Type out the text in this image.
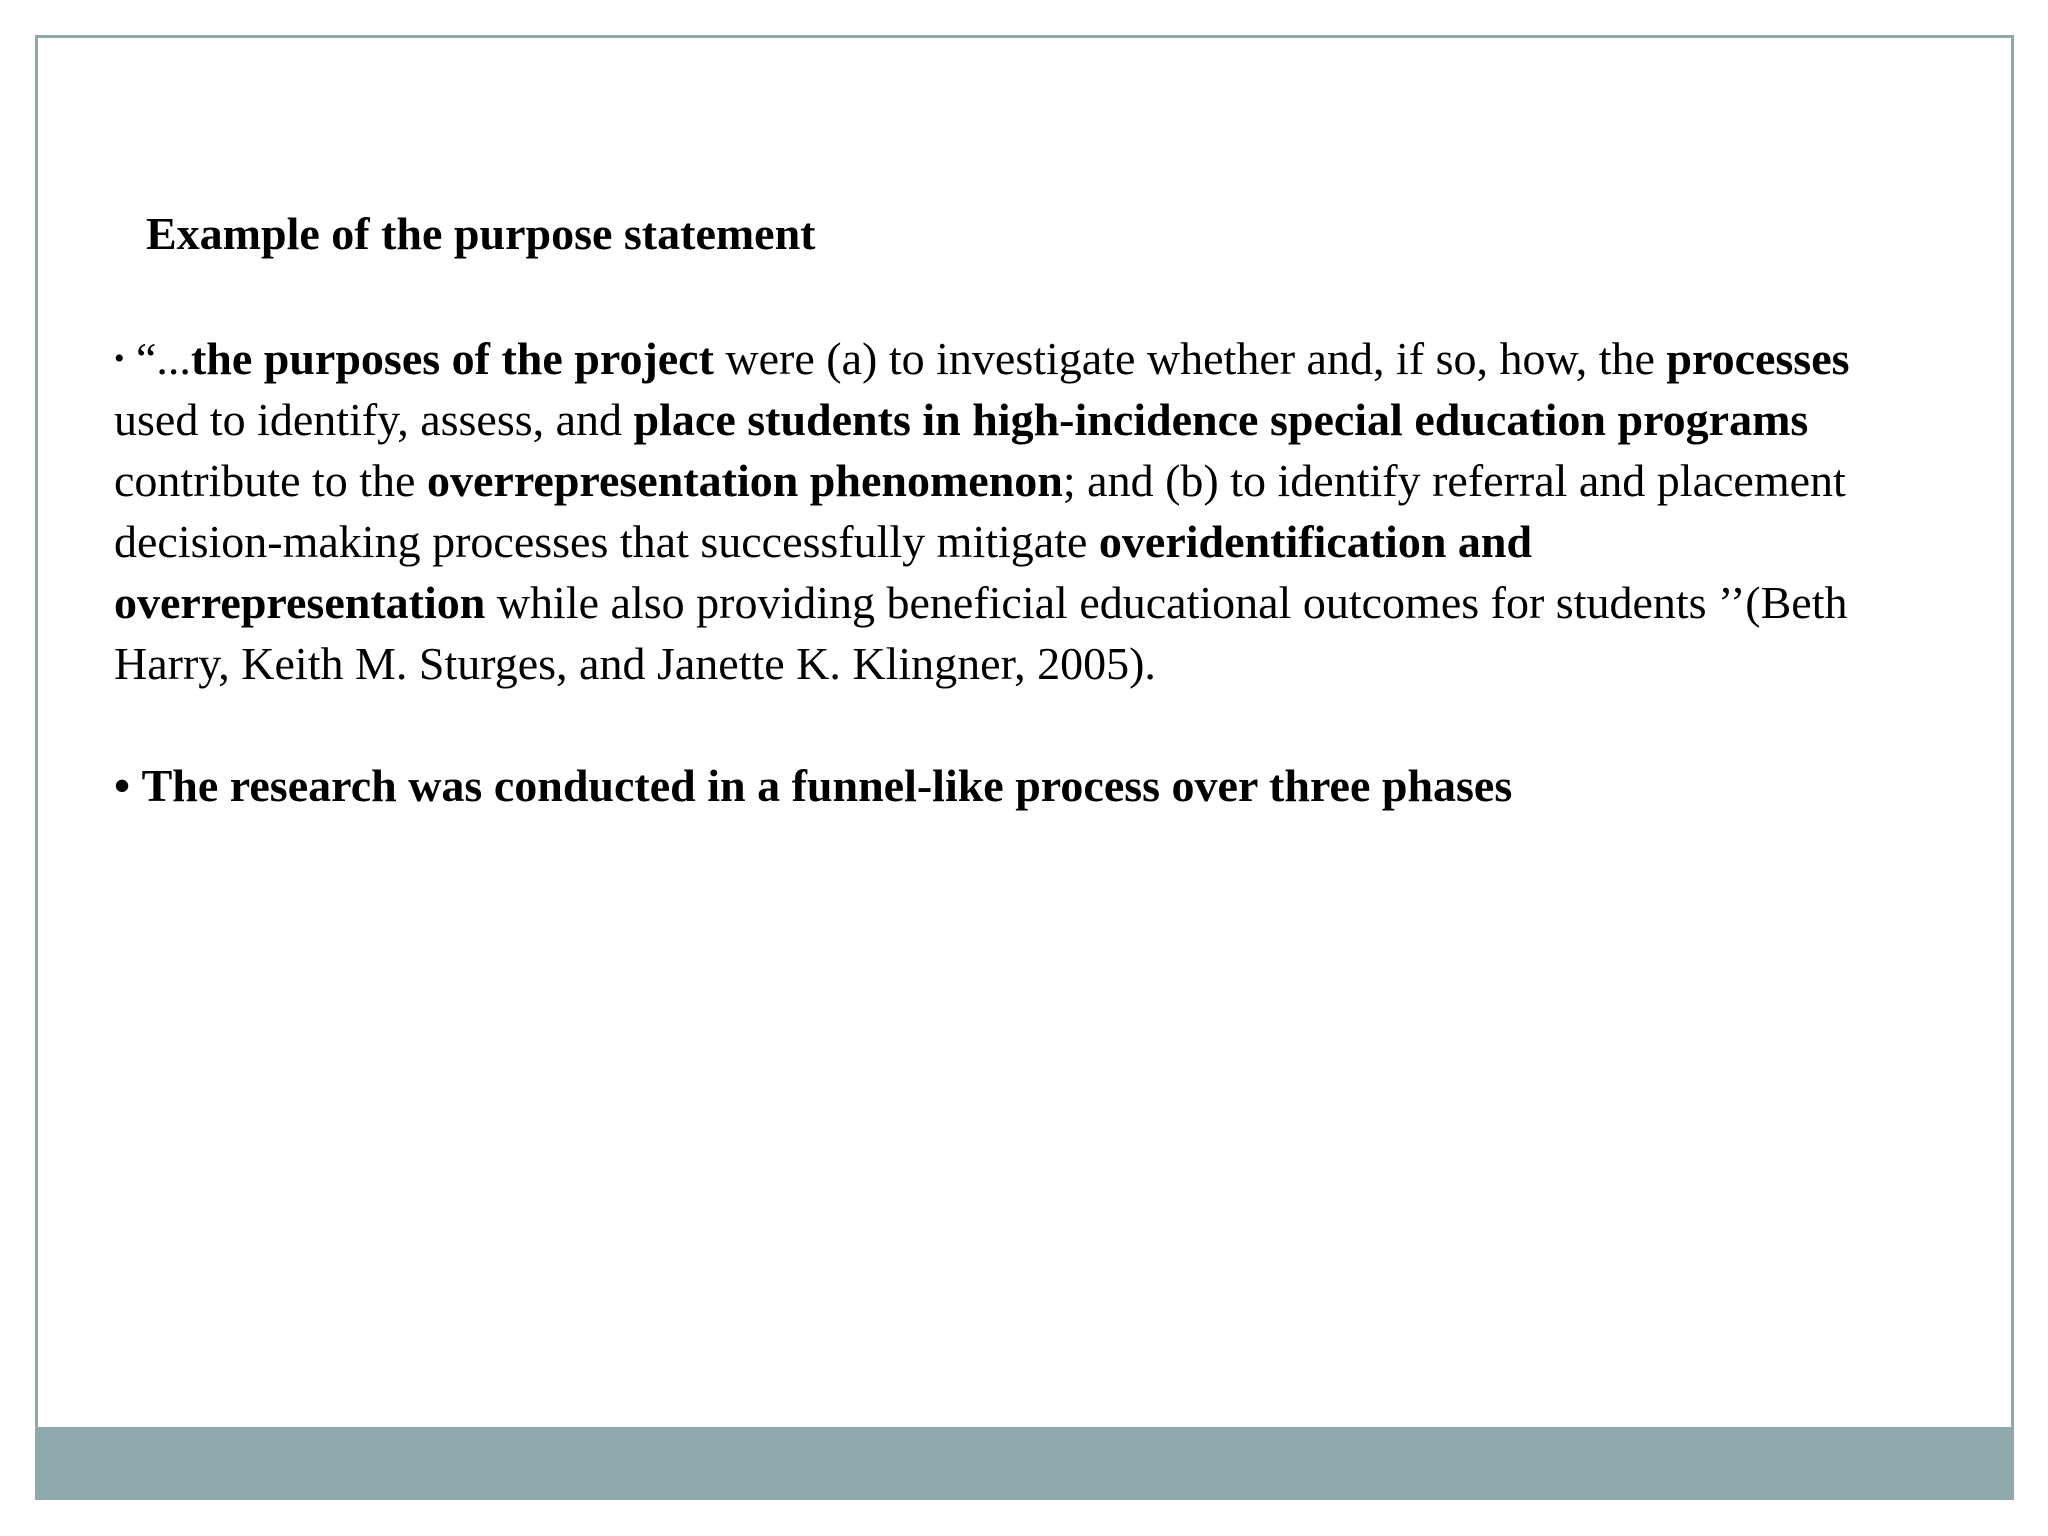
Example of the purpose statement

• “...the purposes of the project were (a) to investigate whether and, if so, how, the processes used to identify, assess, and place students in high-incidence special education programs contribute to the overrepresentation phenomenon; and (b) to identify referral and placement decision-making processes that successfully mitigate overidentification and overrepresentation while also providing beneficial educational outcomes for students ’’(Beth Harry, Keith M. Sturges, and Janette K. Klingner, 2005).

• The research was conducted in a funnel-like process over three phases
